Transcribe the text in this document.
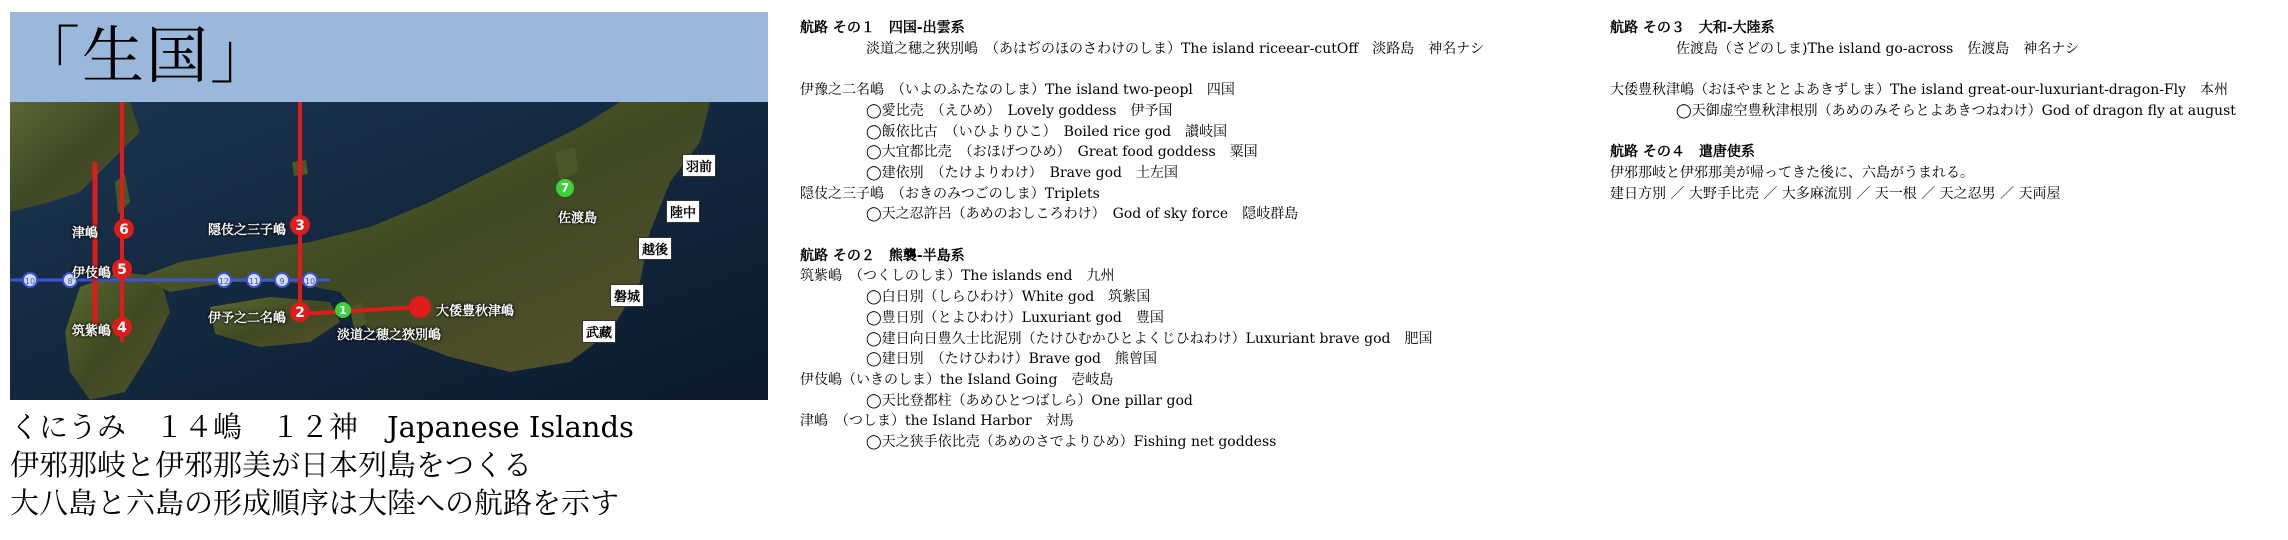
「生国」
6
5
4
3
2	1
7
12 11	9	10
8
10
津嶋
伊伎嶋
筑紫嶋
隠伎之三子嶋
伊予之二名嶋
淡道之穂之狹別嶋
大倭豊秋津嶋
佐渡島
羽前
陸中
越後
磐城
武藏
くにうみ　１４嶋　１２神　Japanese Islands
伊邪那岐と伊邪那美が日本列島をつくる
大八島と六島の形成順序は大陸への航路を示す
航路 その１　四国-出雲系
淡道之穗之狹別嶋　（あはぢのほのさわけのしま）The island riceear-cutOff　淡路島　神名ナシ
伊豫之二名嶋　（いよのふたなのしま）The island two-peopl　四国
◯愛比売　（えひめ）　Lovely goddess　伊予国
◯飯依比古　（いひよりひこ）　Boiled rice god　讃岐国
◯大宜都比売　（おほげつひめ）　Great food goddess　粟国
◯建依別　（たけよりわけ）　Brave god　土左国
隠伎之三子嶋　（おきのみつごのしま）Triplets
◯天之忍許呂（あめのおしころわけ）　God of sky force　隠岐群島
航路 その２　熊襲-半島系
筑紫嶋　（つくしのしま）The islands end　九州
◯白日別（しらひわけ）White god　筑紫国
◯豊日別（とよひわけ）Luxuriant god　豊国
◯建日向日豊久士比泥別（たけひむかひとよくじひねわけ）Luxuriant brave god　肥国
◯建日別　（たけひわけ）Brave god　熊曾国
伊伎嶋（いきのしま）the Island Going　壱岐島
◯天比登都柱（あめひとつばしら）One pillar god
津嶋　（つしま）the Island Harbor　対馬
◯天之狭手依比売（あめのさでよりひめ）Fishing net goddess
航路 その３　大和-大陸系
佐渡島（さどのしま)The island go-across　佐渡島　神名ナシ
大倭豊秋津嶋（おほやまととよあきずしま）The island great-our-luxuriant-dragon-Fly　本州
◯天御虚空豊秋津根別（あめのみそらとよあきつねわけ）God of dragon fly at august
航路 その４　遣唐使系
伊邪那岐と伊邪那美が帰ってきた後に、六島がうまれる。
建日方別 ／ 大野手比売 ／ 大多麻流別 ／ 天一根 ／ 天之忍男 ／ 天両屋
